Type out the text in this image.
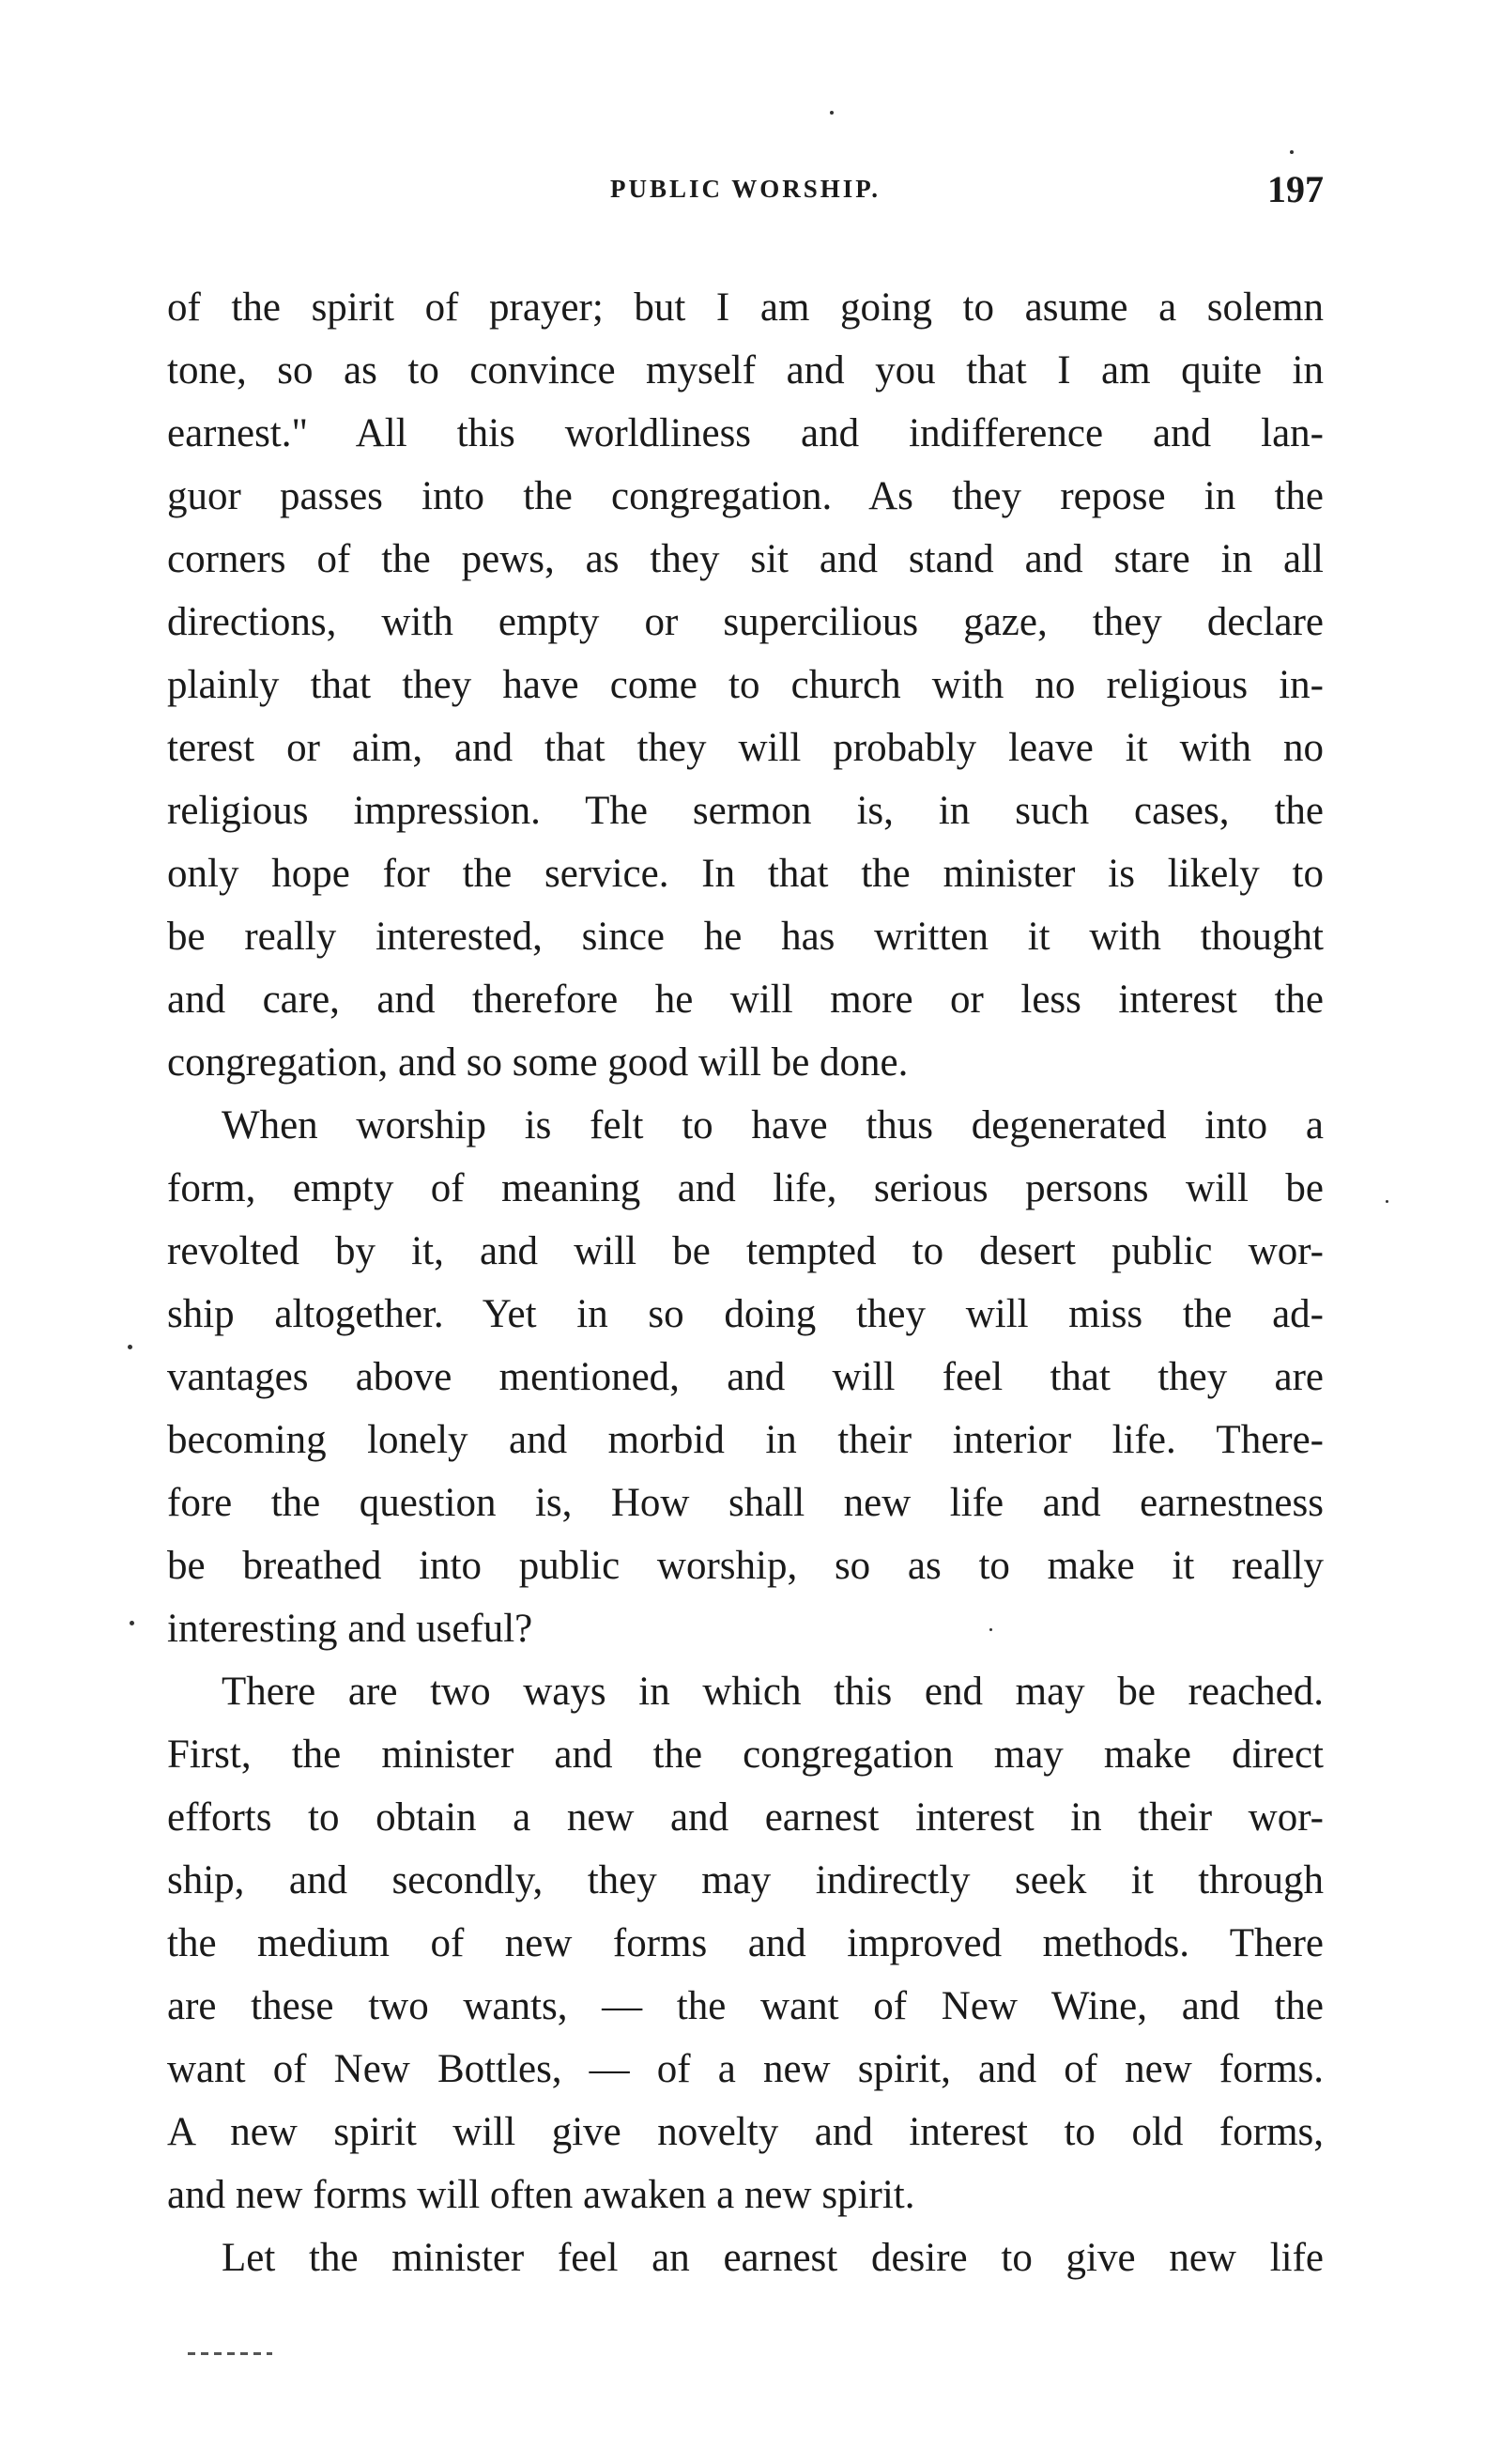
PUBLIC WORSHIP.	197
of the spirit of prayer; but I am going to asume a solemn
tone, so as to convince myself and you that I am quite in
earnest." All this worldliness and indifference and lan-
guor passes into the congregation. As they repose in the
corners of the pews, as they sit and stand and stare in all
directions, with empty or supercilious gaze, they declare
plainly that they have come to church with no religious in-
terest or aim, and that they will probably leave it with no
religious impression. The sermon is, in such cases, the
only hope for the service. In that the minister is likely to
be really interested, since he has written it with thought
and care, and therefore he will more or less interest the
congregation, and so some good will be done.
When worship is felt to have thus degenerated into a
form, empty of meaning and life, serious persons will be
revolted by it, and will be tempted to desert public wor-
ship altogether. Yet in so doing they will miss the ad-
vantages above mentioned, and will feel that they are
becoming lonely and morbid in their interior life. There-
fore the question is, How shall new life and earnestness
be breathed into public worship, so as to make it really
interesting and useful?
There are two ways in which this end may be reached.
First, the minister and the congregation may make direct
efforts to obtain a new and earnest interest in their wor-
ship, and secondly, they may indirectly seek it through
the medium of new forms and improved methods. There
are these two wants, — the want of New Wine, and the
want of New Bottles, — of a new spirit, and of new forms.
A new spirit will give novelty and interest to old forms,
and new forms will often awaken a new spirit.
Let the minister feel an earnest desire to give new life
